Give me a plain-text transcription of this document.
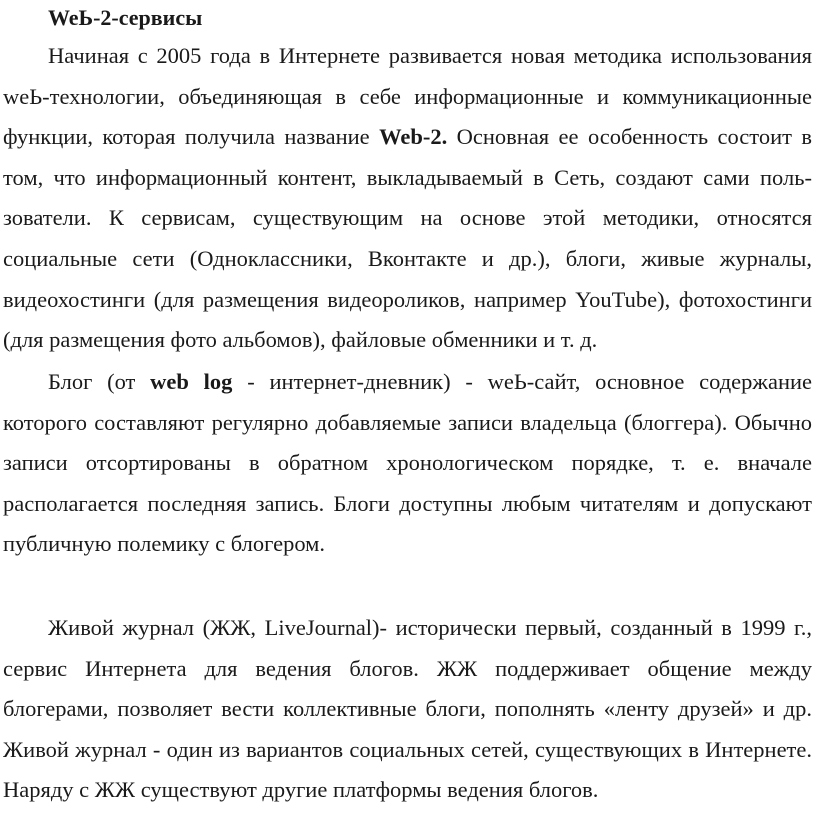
WeЬ-2-сервисы

Начиная с 2005 года в Интернете развивается новая методика использования weЬ-технологии, объединяющая в себе информационные и коммуникационные функции, которая получила название Web-2. Основная ее особенность состоит в том, что информационный контент, выкладываемый в Сеть, создают сами пользователи. К сервисам, существующим на основе этой методики, относятся социальные сети (Одноклассники, Вконтакте и др.), блоги, живые журналы, видеохостинги (для размещения видеороликов, например YouTube), фотохостинги (для размещения фото альбомов), файловые обменники и т. д.

Блог (от web log - интернет-дневник) - weЬ-сайт, основное содержание которого составляют регулярно добавляемые записи владельца (блоггера). Обычно записи отсортированы в обратном хронологическом порядке, т. е. вначале располагается последняя запись. Блоги доступны любым читателям и допускают публичную полемику с блогером.

Живой журнал (ЖЖ, LiveJournal)- исторически первый, созданный в 1999 г., сервис Интернета для ведения блогов. ЖЖ поддерживает общение между блогерами, позволяет вести коллективные блоги, пополнять «ленту друзей» и др. Живой журнал - один из вариантов социальных сетей, существующих в Интернете. Наряду с ЖЖ существуют другие платформы ведения блогов.
